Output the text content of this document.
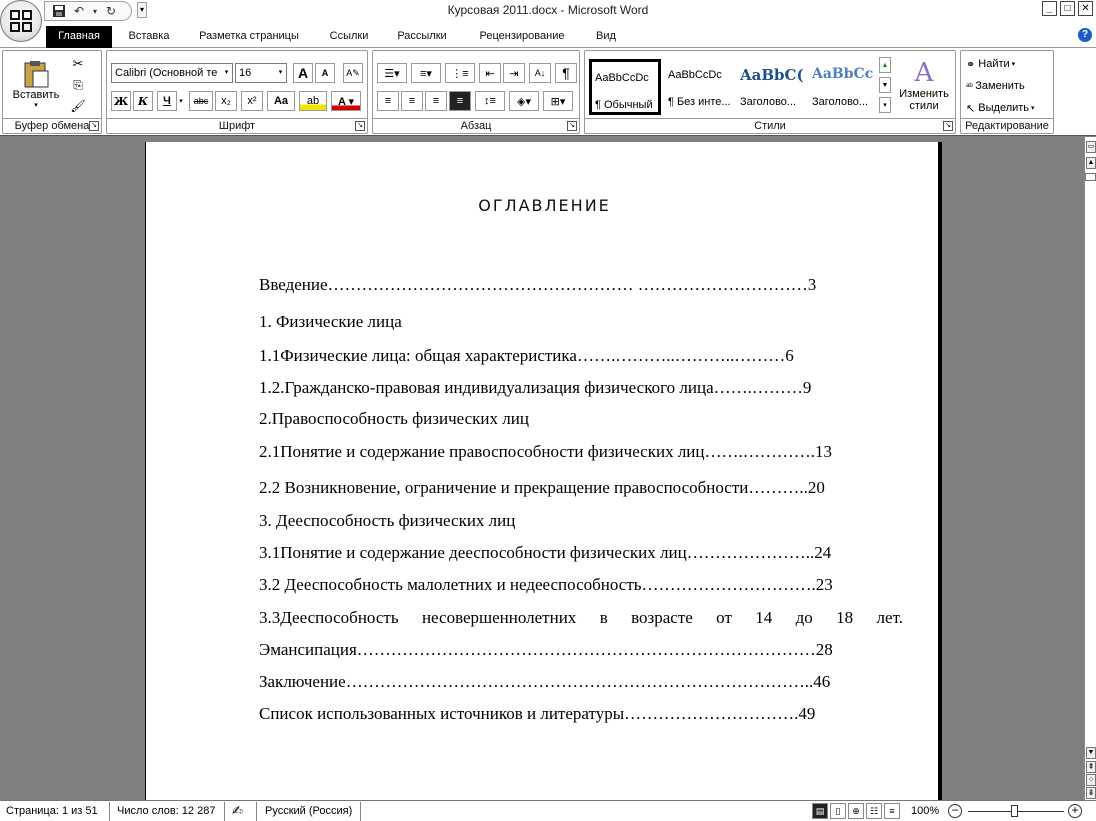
↶	▾ ↻	▾	Курсовая 2011.docx - Microsoft Word	_	□	✕
Главная	Вставка	Разметка страницы	Ссылки	Рассылки	Рецензирование	Вид	?
Вставить
▾
✂
⎘
🖌
Буфер обмена ↘
Calibri (Основной те	▾ 16	▾	A	A	A✎
Ж К	Ч	▾	abc	x₂	x²	Aa	ab	A ▾
Шрифт	↘
☰▾	≡▾	⋮≡	⇤	⇥	A↓	¶
≡	≡	≡	≡	↕≡	◈▾	⊞▾
Абзац	↘
AaBbCcDc
¶ Обычный
AaBbCcDc
¶ Без инте...
AaBbC(
Заголово...
AaBbCc
Заголово...
▲
▼
▾
A
Изменить стили
Стили	↘
⚭ Найти ▾
ᵃᵇ Заменить
↖ Выделить ▾
Редактирование
ОГЛАВЛЕНИЕ
Введение……………………………………………… …………………………3
1. Физические лица
1.1Физические лица: общая характеристика…….………..………..………6
1.2.Гражданско-правовая индивидуализация физического лица…….………9
2.Правоспособность физических лиц
2.1Понятие и содержание правоспособности физических лиц…….………….13
2.2 Возникновение, ограничение и прекращение правоспособности………..20
3. Дееспособность физических лиц
3.1Понятие и содержание дееспособности физических лиц…………………..24
3.2 Дееспособность малолетних и недееспособность………………………….23
3.3Дееспособность несовершеннолетних в возрасте от 14 до 18 лет.
Эмансипация………………………………………………………………………28
Заключение………………………………………………………………………..46
Список использованных источников и литературы………………………….49
▭
▲
▼
⇞
○
⇟
Страница: 1 из 51 Число слов: 12 287 ✍ Русский (Россия)	▤	▯	⊕	☷	≡	100% −	+
